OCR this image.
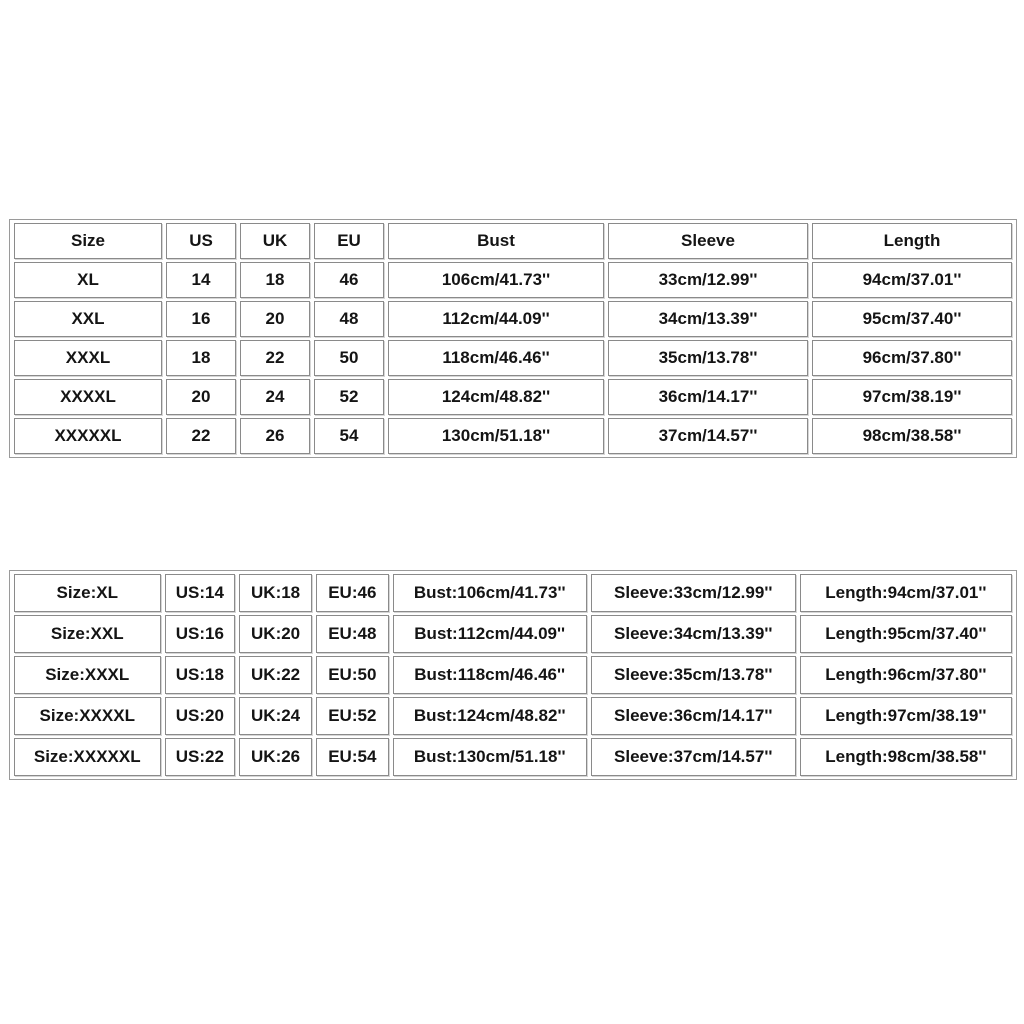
Size	US	UK	EU	Bust	Sleeve	Length
XL	14	18	46	106cm/41.73''	33cm/12.99''	94cm/37.01''
XXL	16	20	48	112cm/44.09''	34cm/13.39''	95cm/37.40''
XXXL	18	22	50	118cm/46.46''	35cm/13.78''	96cm/37.80''
XXXXL	20	24	52	124cm/48.82''	36cm/14.17''	97cm/38.19''
XXXXXL	22	26	54	130cm/51.18''	37cm/14.57''	98cm/38.58''
Size:XL	US:14	UK:18	EU:46	Bust:106cm/41.73''	Sleeve:33cm/12.99''	Length:94cm/37.01''
Size:XXL	US:16	UK:20	EU:48	Bust:112cm/44.09''	Sleeve:34cm/13.39''	Length:95cm/37.40''
Size:XXXL	US:18	UK:22	EU:50	Bust:118cm/46.46''	Sleeve:35cm/13.78''	Length:96cm/37.80''
Size:XXXXL	US:20	UK:24	EU:52	Bust:124cm/48.82''	Sleeve:36cm/14.17''	Length:97cm/38.19''
Size:XXXXXL	US:22	UK:26	EU:54	Bust:130cm/51.18''	Sleeve:37cm/14.57''	Length:98cm/38.58''
